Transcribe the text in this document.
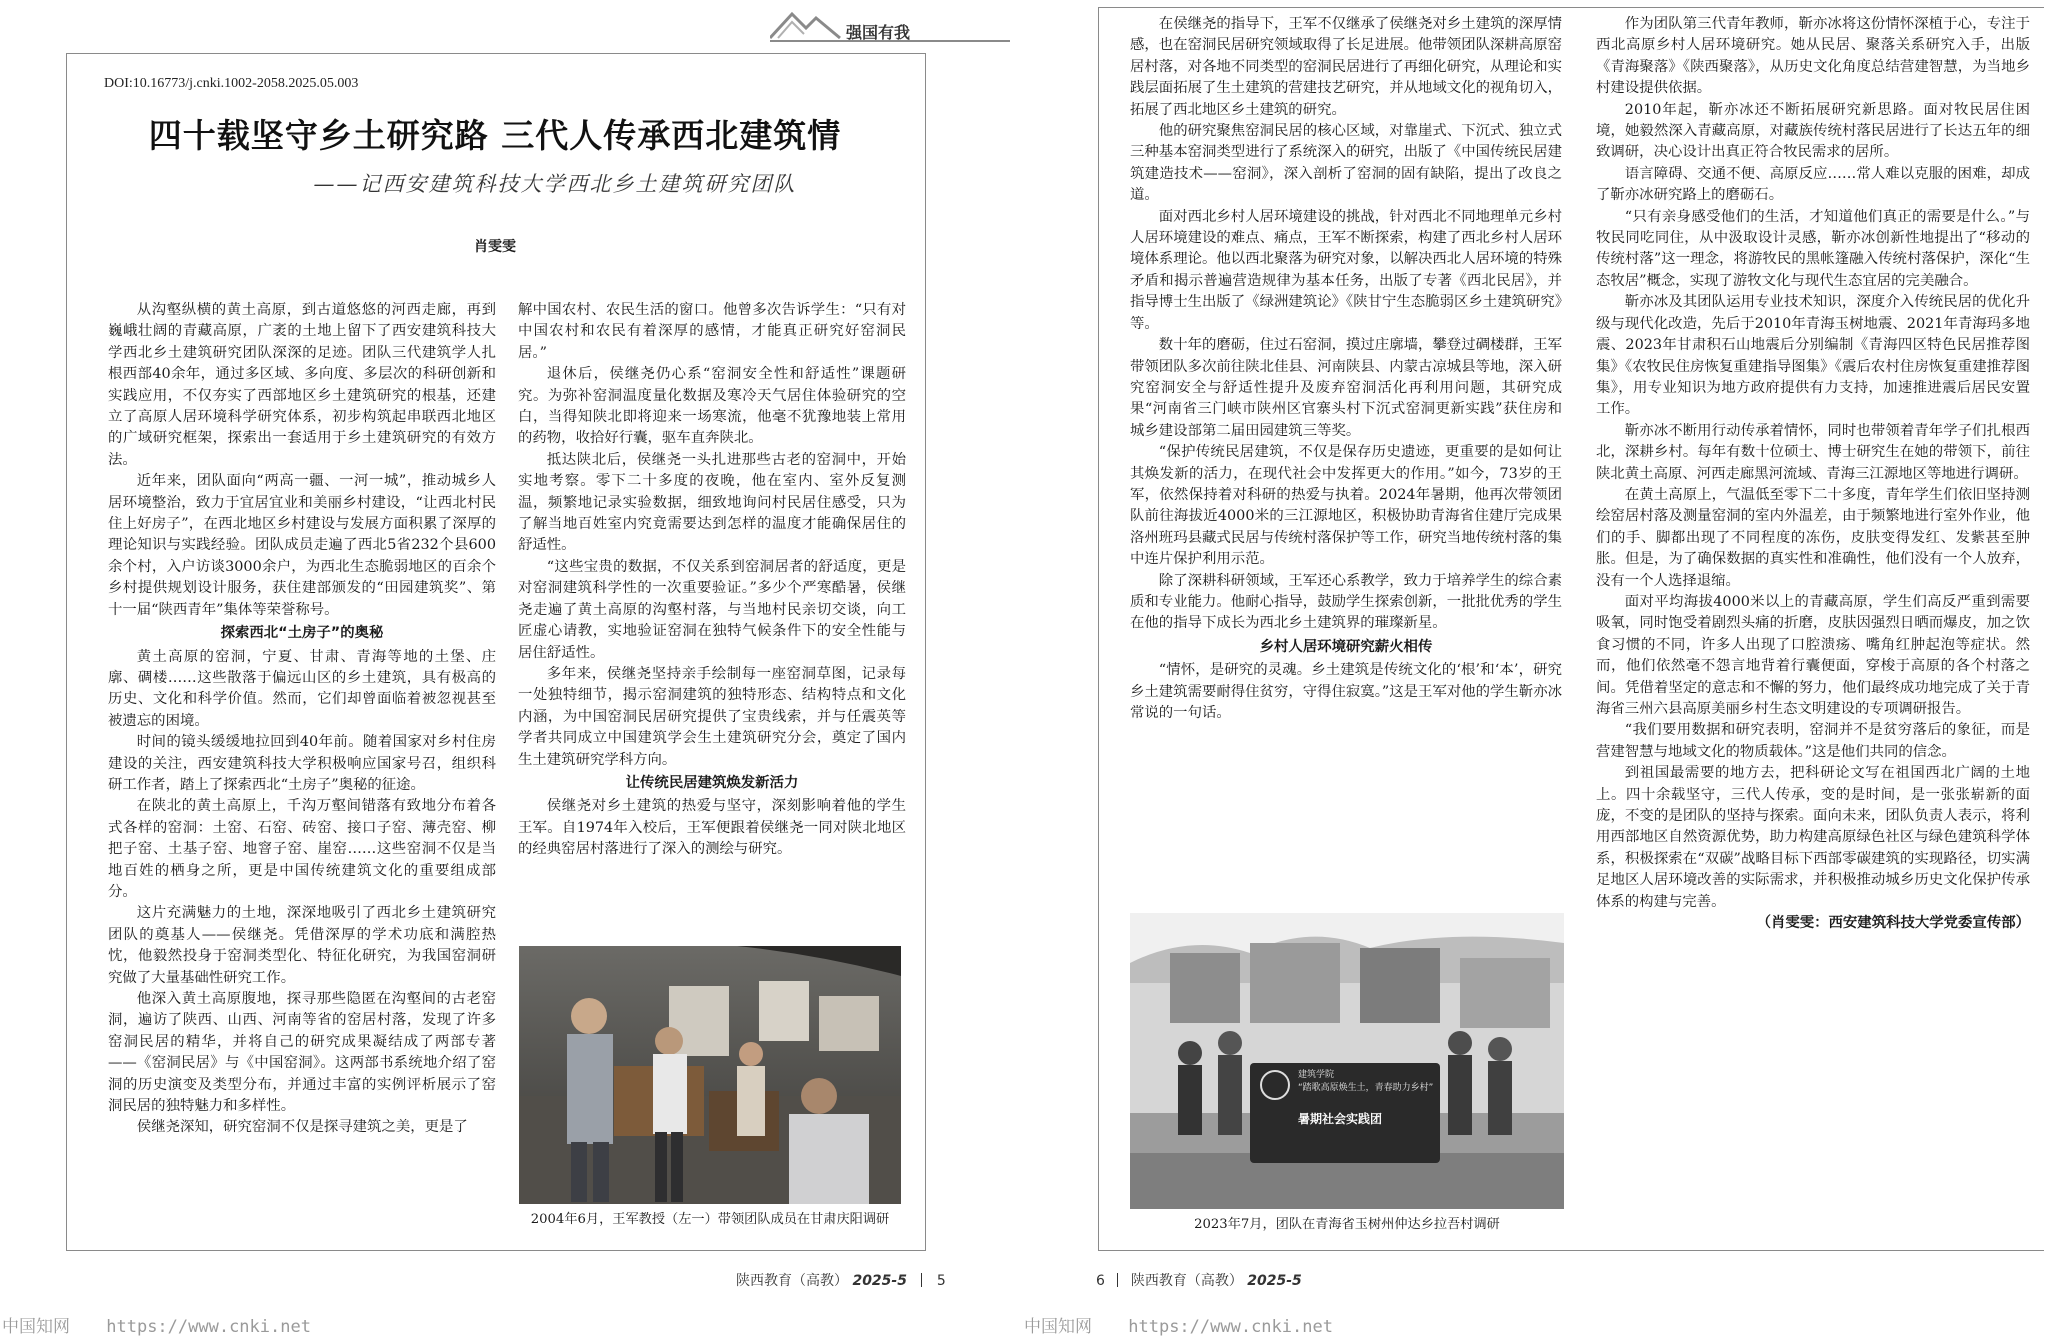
强国有我
DOI:10.16773/j.cnki.1002-2058.2025.05.003
四十载坚守乡土研究路 三代人传承西北建筑情
——记西安建筑科技大学西北乡土建筑研究团队
肖雯雯

从沟壑纵横的黄土高原，到古道悠悠的河西走廊，再到巍峨壮阔的青藏高原，广袤的土地上留下了西安建筑科技大学西北乡土建筑研究团队深深的足迹。团队三代建筑学人扎根西部40余年，通过多区域、多向度、多层次的科研创新和实践应用，不仅夯实了西部地区乡土建筑研究的根基，还建立了高原人居环境科学研究体系，初步构筑起串联西北地区的广域研究框架，探索出一套适用于乡土建筑研究的有效方法。

近年来，团队面向“两高一疆、一河一城”，推动城乡人居环境整治，致力于宜居宜业和美丽乡村建设，“让西北村民住上好房子”，在西北地区乡村建设与发展方面积累了深厚的理论知识与实践经验。团队成员走遍了西北5省232个县600余个村，入户访谈3000余户，为西北生态脆弱地区的百余个乡村提供规划设计服务，获住建部颁发的“田园建筑奖”、第十一届“陕西青年”集体等荣誉称号。

探索西北“土房子”的奥秘

黄土高原的窑洞，宁夏、甘肃、青海等地的土堡、庄廓、碉楼……这些散落于偏远山区的乡土建筑，具有极高的历史、文化和科学价值。然而，它们却曾面临着被忽视甚至被遗忘的困境。

时间的镜头缓缓地拉回到40年前。随着国家对乡村住房建设的关注，西安建筑科技大学积极响应国家号召，组织科研工作者，踏上了探索西北“土房子”奥秘的征途。

在陕北的黄土高原上，千沟万壑间错落有致地分布着各式各样的窑洞：土窑、石窑、砖窑、接口子窑、薄壳窑、柳把子窑、土基子窑、地窨子窑、崖窑……这些窑洞不仅是当地百姓的栖身之所，更是中国传统建筑文化的重要组成部分。

这片充满魅力的土地，深深地吸引了西北乡土建筑研究团队的奠基人——侯继尧。凭借深厚的学术功底和满腔热忱，他毅然投身于窑洞类型化、特征化研究，为我国窑洞研究做了大量基础性研究工作。

他深入黄土高原腹地，探寻那些隐匿在沟壑间的古老窑洞，遍访了陕西、山西、河南等省的窑居村落，发现了许多窑洞民居的精华，并将自己的研究成果凝结成了两部专著——《窑洞民居》与《中国窑洞》。这两部书系统地介绍了窑洞的历史演变及类型分布，并通过丰富的实例评析展示了窑洞民居的独特魅力和多样性。

侯继尧深知，研究窑洞不仅是探寻建筑之美，更是了

解中国农村、农民生活的窗口。他曾多次告诉学生：“只有对中国农村和农民有着深厚的感情，才能真正研究好窑洞民居。”

退休后，侯继尧仍心系“窑洞安全性和舒适性”课题研究。为弥补窑洞温度量化数据及寒冷天气居住体验研究的空白，当得知陕北即将迎来一场寒流，他毫不犹豫地装上常用的药物，收拾好行囊，驱车直奔陕北。

抵达陕北后，侯继尧一头扎进那些古老的窑洞中，开始实地考察。零下二十多度的夜晚，他在室内、室外反复测温，频繁地记录实验数据，细致地询问村民居住感受，只为了解当地百姓室内究竟需要达到怎样的温度才能确保居住的舒适性。

“这些宝贵的数据，不仅关系到窑洞居者的舒适度，更是对窑洞建筑科学性的一次重要验证。”多少个严寒酷暑，侯继尧走遍了黄土高原的沟壑村落，与当地村民亲切交谈，向工匠虚心请教，实地验证窑洞在独特气候条件下的安全性能与居住舒适性。

多年来，侯继尧坚持亲手绘制每一座窑洞草图，记录每一处独特细节，揭示窑洞建筑的独特形态、结构特点和文化内涵，为中国窑洞民居研究提供了宝贵线索，并与任震英等学者共同成立中国建筑学会生土建筑研究分会，奠定了国内生土建筑研究学科方向。

让传统民居建筑焕发新活力

侯继尧对乡土建筑的热爱与坚守，深刻影响着他的学生王军。自1974年入校后，王军便跟着侯继尧一同对陕北地区的经典窑居村落进行了深入的测绘与研究。

2004年6月，王军教授（左一）带领团队成员在甘肃庆阳调研
陕西教育（高教） 2025-5 5
中国知网 https://www.cnki.net

在侯继尧的指导下，王军不仅继承了侯继尧对乡土建筑的深厚情感，也在窑洞民居研究领域取得了长足进展。他带领团队深耕高原窑居村落，对各地不同类型的窑洞民居进行了再细化研究，从理论和实践层面拓展了生土建筑的营建技艺研究，并从地域文化的视角切入，拓展了西北地区乡土建筑的研究。

他的研究聚焦窑洞民居的核心区域，对靠崖式、下沉式、独立式三种基本窑洞类型进行了系统深入的研究，出版了《中国传统民居建筑建造技术——窑洞》，深入剖析了窑洞的固有缺陷，提出了改良之道。

面对西北乡村人居环境建设的挑战，针对西北不同地理单元乡村人居环境建设的难点、痛点，王军不断探索，构建了西北乡村人居环境体系理论。他以西北聚落为研究对象，以解决西北人居环境的特殊矛盾和揭示普遍营造规律为基本任务，出版了专著《西北民居》，并指导博士生出版了《绿洲建筑论》《陕甘宁生态脆弱区乡土建筑研究》等。

数十年的磨砺，住过石窑洞，摸过庄廓墙，攀登过碉楼群，王军带领团队多次前往陕北佳县、河南陕县、内蒙古凉城县等地，深入研究窑洞安全与舒适性提升及废弃窑洞活化再利用问题，其研究成果“河南省三门峡市陕州区官寨头村下沉式窑洞更新实践”获住房和城乡建设部第二届田园建筑三等奖。

“保护传统民居建筑，不仅是保存历史遗迹，更重要的是如何让其焕发新的活力，在现代社会中发挥更大的作用。”如今，73岁的王军，依然保持着对科研的热爱与执着。2024年暑期，他再次带领团队前往海拔近4000米的三江源地区，积极协助青海省住建厅完成果洛州班玛县藏式民居与传统村落保护等工作，研究当地传统村落的集中连片保护利用示范。

除了深耕科研领域，王军还心系教学，致力于培养学生的综合素质和专业能力。他耐心指导，鼓励学生探索创新，一批批优秀的学生在他的指导下成长为西北乡土建筑界的璀璨新星。

乡村人居环境研究薪火相传

“情怀，是研究的灵魂。乡土建筑是传统文化的‘根’和‘本’，研究乡土建筑需要耐得住贫穷，守得住寂寞。”这是王军对他的学生靳亦冰常说的一句话。

建筑学院
“踏歌高原焕生土，青春助力乡村”
暑期社会实践团
2023年7月，团队在青海省玉树州仲达乡拉吾村调研

作为团队第三代青年教师，靳亦冰将这份情怀深植于心，专注于西北高原乡村人居环境研究。她从民居、聚落关系研究入手，出版《青海聚落》《陕西聚落》，从历史文化角度总结营建智慧，为当地乡村建设提供依据。

2010年起，靳亦冰还不断拓展研究新思路。面对牧民居住困境，她毅然深入青藏高原，对藏族传统村落民居进行了长达五年的细致调研，决心设计出真正符合牧民需求的居所。

语言障碍、交通不便、高原反应……常人难以克服的困难，却成了靳亦冰研究路上的磨砺石。

“只有亲身感受他们的生活，才知道他们真正的需要是什么。”与牧民同吃同住，从中汲取设计灵感，靳亦冰创新性地提出了“移动的传统村落”这一理念，将游牧民的黑帐篷融入传统村落保护，深化“生态牧居”概念，实现了游牧文化与现代生态宜居的完美融合。

靳亦冰及其团队运用专业技术知识，深度介入传统民居的优化升级与现代化改造，先后于2010年青海玉树地震、2021年青海玛多地震、2023年甘肃积石山地震后分别编制《青海四区特色民居推荐图集》《农牧民住房恢复重建指导图集》《震后农村住房恢复重建推荐图集》，用专业知识为地方政府提供有力支持，加速推进震后居民安置工作。

靳亦冰不断用行动传承着情怀，同时也带领着青年学子们扎根西北，深耕乡村。每年有数十位硕士、博士研究生在她的带领下，前往陕北黄土高原、河西走廊黑河流域、青海三江源地区等地进行调研。

在黄土高原上，气温低至零下二十多度，青年学生们依旧坚持测绘窑居村落及测量窑洞的室内外温差，由于频繁地进行室外作业，他们的手、脚都出现了不同程度的冻伤，皮肤变得发红、发紫甚至肿胀。但是，为了确保数据的真实性和准确性，他们没有一个人放弃，没有一个人选择退缩。

面对平均海拔4000米以上的青藏高原，学生们高反严重到需要吸氧，同时饱受着剧烈头痛的折磨，皮肤因强烈日晒而爆皮，加之饮食习惯的不同，许多人出现了口腔溃疡、嘴角红肿起泡等症状。然而，他们依然毫不怨言地背着行囊便面，穿梭于高原的各个村落之间。凭借着坚定的意志和不懈的努力，他们最终成功地完成了关于青海省三州六县高原美丽乡村生态文明建设的专项调研报告。

“我们要用数据和研究表明，窑洞并不是贫穷落后的象征，而是营建智慧与地域文化的物质载体。”这是他们共同的信念。

到祖国最需要的地方去，把科研论文写在祖国西北广阔的土地上。四十余载坚守，三代人传承，变的是时间，是一张张崭新的面庞，不变的是团队的坚持与探索。面向未来，团队负责人表示，将利用西部地区自然资源优势，助力构建高原绿色社区与绿色建筑科学体系，积极探索在“双碳”战略目标下西部零碳建筑的实现路径，切实满足地区人居环境改善的实际需求，并积极推动城乡历史文化保护传承体系的构建与完善。

（肖雯雯：西安建筑科技大学党委宣传部）
6 陕西教育（高教） 2025-5
中国知网 https://www.cnki.net
